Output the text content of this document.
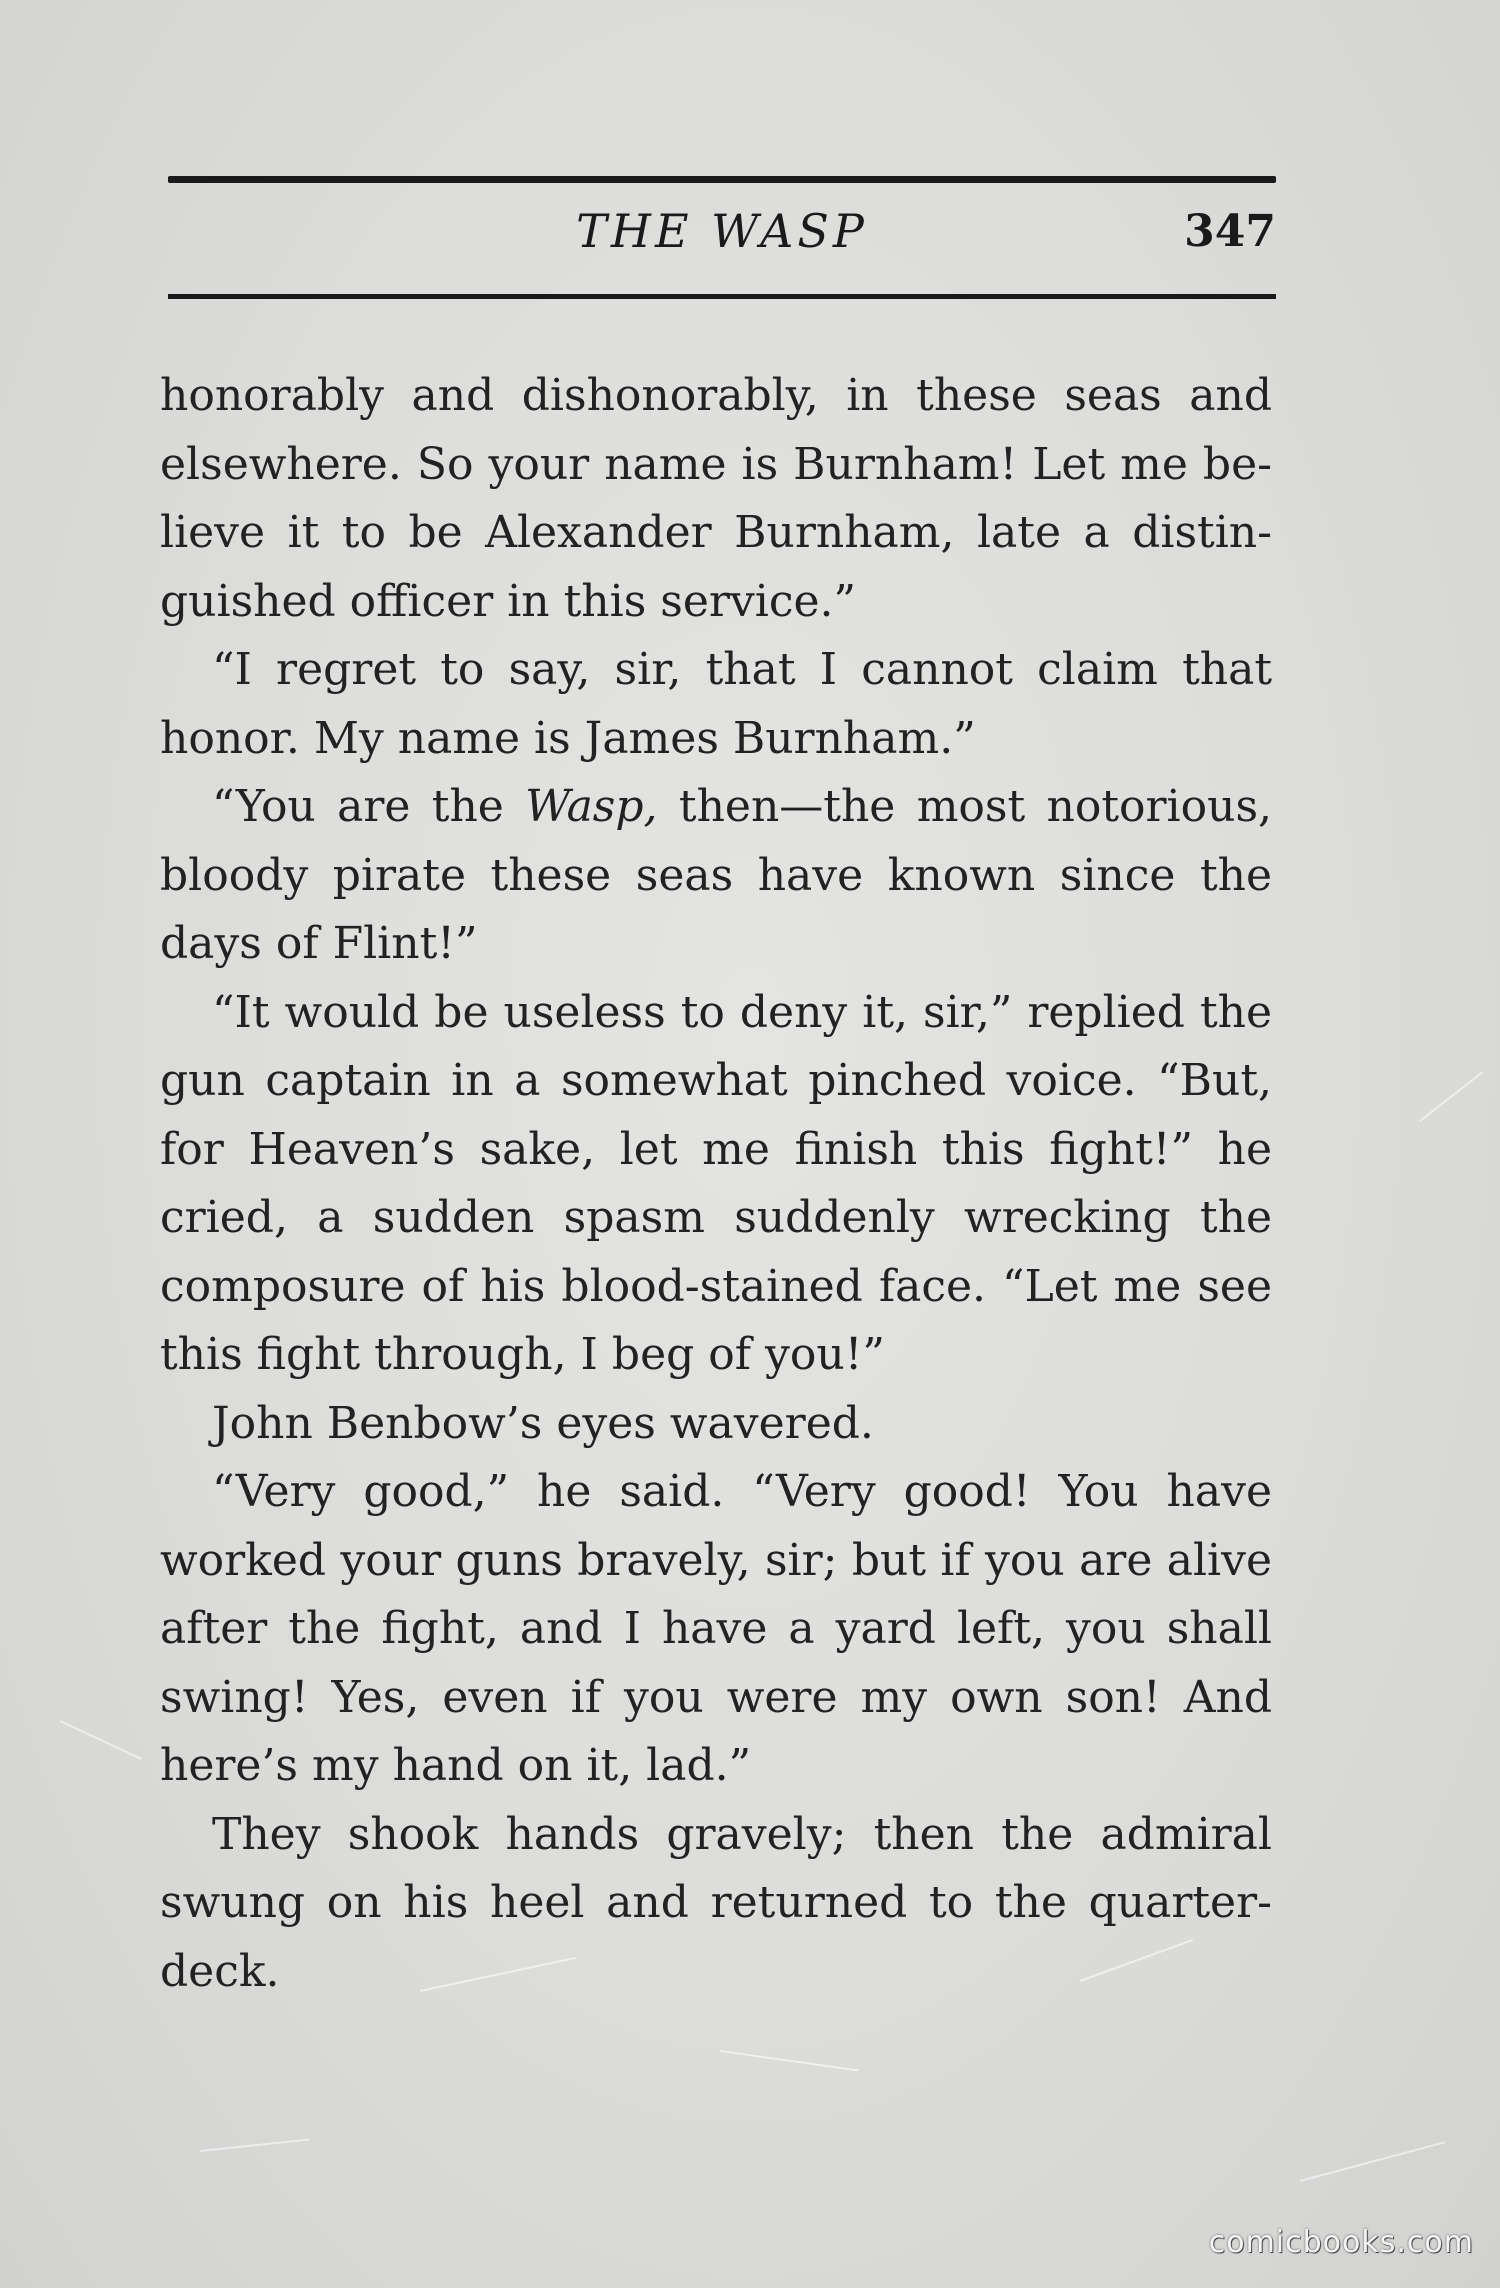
THE WASP	347

honorably and dishonorably, in these seas and elsewhere. So your name is Burnham! Let me believe it to be Alexander Burnham, late a distinguished officer in this service.”

“I regret to say, sir, that I cannot claim that honor. My name is James Burnham.”

“You are the Wasp, then—the most notorious, bloody pirate these seas have known since the days of Flint!”

“It would be useless to deny it, sir,” replied the gun captain in a somewhat pinched voice. “But, for Heaven’s sake, let me finish this fight!” he cried, a sudden spasm suddenly wrecking the composure of his blood-stained face. “Let me see this fight through, I beg of you!”

John Benbow’s eyes wavered.

“Very good,” he said. “Very good! You have worked your guns bravely, sir; but if you are alive after the fight, and I have a yard left, you shall swing! Yes, even if you were my own son! And here’s my hand on it, lad.”

They shook hands gravely; then the admiral swung on his heel and returned to the quarter-deck.

comicbooks.com
